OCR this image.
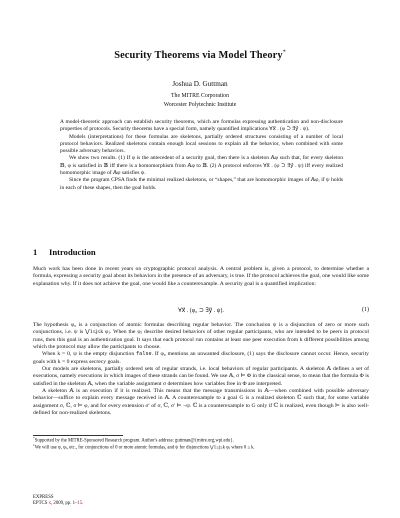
Security Theorems via Model Theory*
Joshua D. Guttman
The MITRE Corporation
Worcester Polytechnic Institute

A model-theoretic approach can establish security theorems, which are formulas expressing authentication and non-disclosure properties of protocols. Security theorems have a special form, namely quantified implications ∀x⃗ . (φ ⊃ ∃y⃗ . ψ).

Models (interpretations) for these formulas are skeletons, partially ordered structures consisting of a number of local protocol behaviors. Realized skeletons contain enough local sessions to explain all the behavior, when combined with some possible adversary behaviors.

We show two results. (1) If φ is the antecedent of a security goal, then there is a skeleton 𝔸φ such that, for every skeleton 𝔹, φ is satisfied in 𝔹 iff there is a homomorphism from 𝔸φ to 𝔹. (2) A protocol enforces ∀x⃗ . (φ ⊃ ∃y⃗ . ψ) iff every realized homomorphic image of 𝔸φ satisfies ψ.

Since the program CPSA finds the minimal realized skeletons, or “shapes,” that are homomorphic images of 𝔸φ, if ψ holds in each of these shapes, then the goal holds.

1 Introduction

Much work has been done in recent years on cryptographic protocol analysis. A central problem is, given a protocol, to determine whether a formula, expressing a security goal about its behaviors in the presence of an adversary, is true. If the protocol achieves the goal, one would like some explanation why. If it does not achieve the goal, one would like a counterexample. A security goal is a quantified implication:

∀x⃗ . (φ₀ ⊃ ∃y⃗ . ψ).	(1)

The hypothesis φ₀ is a conjunction of atomic formulas describing regular behavior. The conclusion ψ is a disjunction of zero or more such conjunctions, i.e. ψ is ⋁1≤j≤k φⱼ. When the φⱼ describe desired behaviors of other regular participants, who are intended to be peers in protocol runs, then this goal is an authentication goal. It says that each protocol run contains at least one peer execution from k different possibilities among which the protocol may allow the participants to choose.

When k = 0, ψ is the empty disjunction false. If φ₀ mentions an unwanted disclosure, (1) says the disclosure cannot occur. Hence, security goals with k = 0 express secrecy goals.

Our models are skeletons, partially ordered sets of regular strands, i.e. local behaviors of regular participants. A skeleton 𝔸 defines a set of executions, namely executions in which images of these strands can be found. We use 𝔸, σ ⊨ Φ in the classical sense, to mean that the formula Φ is satisfied in the skeleton 𝔸, when the variable assignment σ determines how variables free in Φ are interpreted.

A skeleton 𝔸 is an execution if it is realized. This means that the message transmissions in 𝔸—when combined with possible adversary behavior—suffice to explain every message received in 𝔸. A counterexample to a goal G is a realized skeleton ℂ such that, for some variable assignment σ, ℂ, σ ⊨ φ, and for every extension σ′ of σ, ℂ, σ′ ⊨ ¬ψ. ℂ is a counterexample to G only if ℂ is realized, even though ⊨ is also well-defined for non-realized skeletons.

*Supported by the MITRE-Sponsored Research program. Author's address: guttman@{mitre.org,wpi.edu}.
$^1$We will use φ, φⱼ, etc., for conjunctions of 0 or more atomic formulas, and ψ for disjunctions ⋁1≤j≤k φⱼ where 0 ≤ k.
EXPRESS
EPTCS x, 2009, pp. 1–15.
